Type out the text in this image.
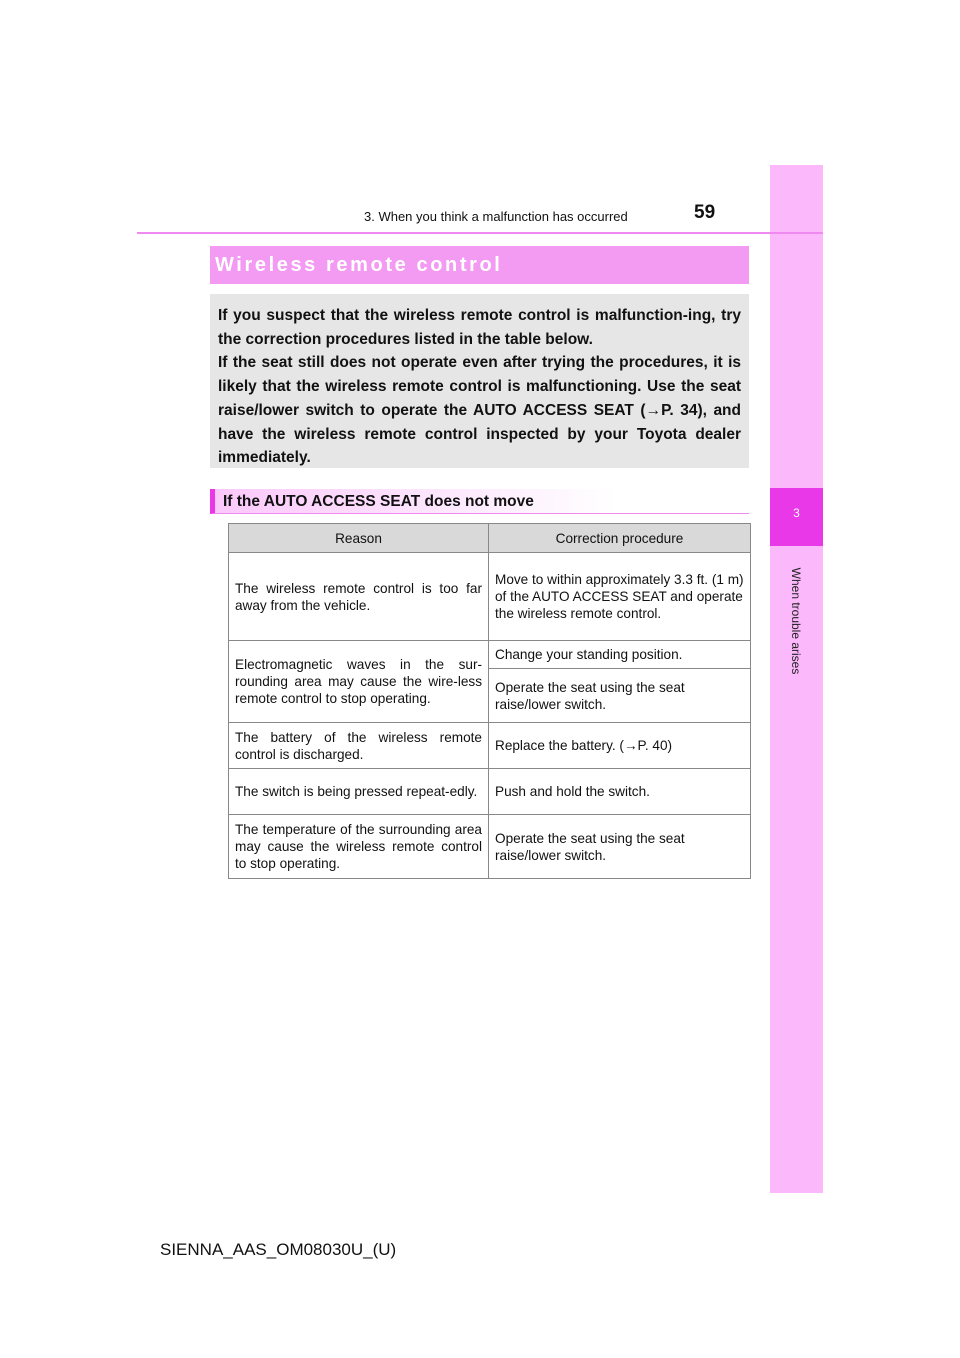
3
When trouble arises
3. When you think a malfunction has occurred	59
Wireless remote control

If you suspect that the wireless remote control is malfunction-ing, try the correction procedures listed in the table below.

If the seat still does not operate even after trying the procedures, it is likely that the wireless remote control is malfunctioning. Use the seat raise/lower switch to operate the AUTO ACCESS SEAT (→P. 34), and have the wireless remote control inspected by your Toyota dealer immediately.

If the AUTO ACCESS SEAT does not move
Reason	Correction procedure
The wireless remote control is too far away from the vehicle.	Move to within approximately 3.3 ft. (1 m) of the AUTO ACCESS SEAT and operate the wireless remote control.
Electromagnetic waves in the sur-rounding area may cause the wire-less remote control to stop operating.	Change your standing position.
	Operate the seat using the seat raise/lower switch.
The battery of the wireless remote control is discharged.	Replace the battery. (→P. 40)
The switch is being pressed repeat-edly.	Push and hold the switch.
The temperature of the surrounding area may cause the wireless remote control to stop operating.	Operate the seat using the seat raise/lower switch.
SIENNA_AAS_OM08030U_(U)
